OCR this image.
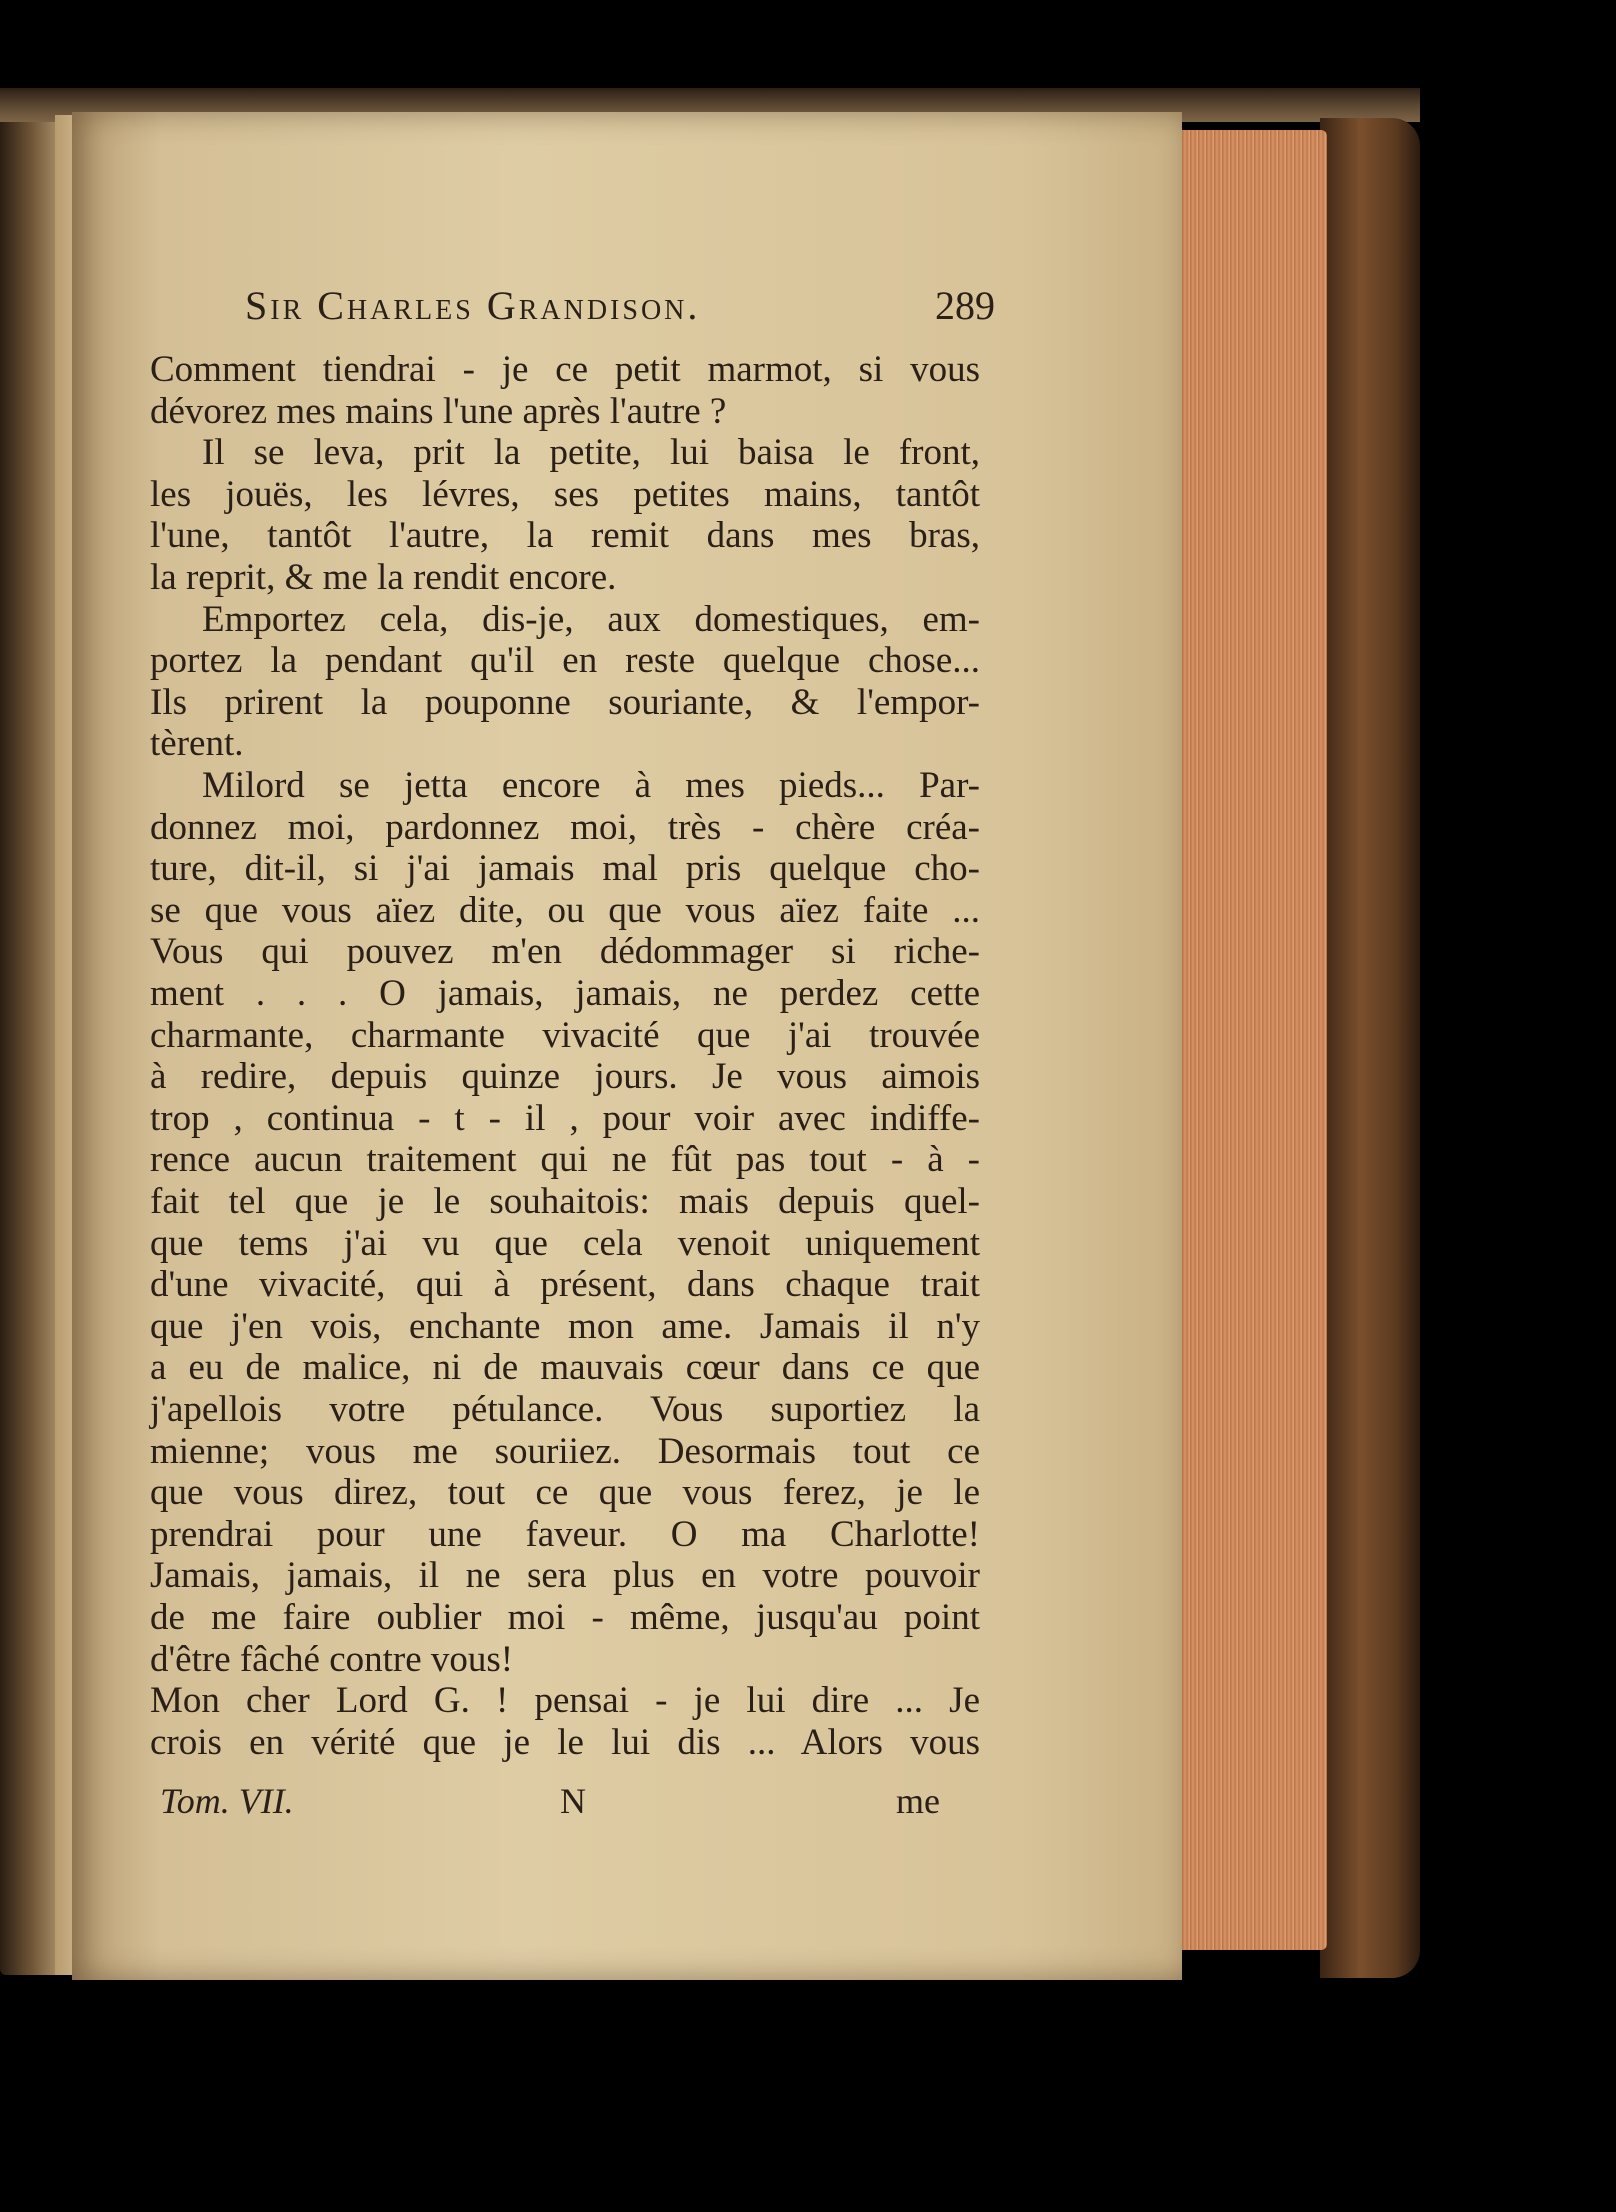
Sir Charles Grandison.	289
Comment tiendrai - je ce petit marmot, si vous
dévorez mes mains l'une après l'autre ?
Il se leva, prit la petite, lui baisa le front,
les jouës, les lévres, ses petites mains, tantôt
l'une, tantôt l'autre, la remit dans mes bras,
la reprit, & me la rendit encore.
Emportez cela, dis-je, aux domestiques, em-
portez la pendant qu'il en reste quelque chose...
Ils prirent la pouponne souriante, & l'empor-
tèrent.
Milord se jetta encore à mes pieds... Par-
donnez moi, pardonnez moi, très - chère créa-
ture, dit-il, si j'ai jamais mal pris quelque cho-
se que vous aïez dite, ou que vous aïez faite ...
Vous qui pouvez m'en dédommager si riche-
ment . . . O jamais, jamais, ne perdez cette
charmante, charmante vivacité que j'ai trouvée
à redire, depuis quinze jours. Je vous aimois
trop , continua - t - il , pour voir avec indiffe-
rence aucun traitement qui ne fût pas tout - à -
fait tel que je le souhaitois: mais depuis quel-
que tems j'ai vu que cela venoit uniquement
d'une vivacité, qui à présent, dans chaque trait
que j'en vois, enchante mon ame. Jamais il n'y
a eu de malice, ni de mauvais cœur dans ce que
j'apellois votre pétulance. Vous suportiez la
mienne; vous me souriiez. Desormais tout ce
que vous direz, tout ce que vous ferez, je le
prendrai pour une faveur. O ma Charlotte!
Jamais, jamais, il ne sera plus en votre pouvoir
de me faire oublier moi - même, jusqu'au point
d'être fâché contre vous!
Mon cher Lord G. ! pensai - je lui dire ... Je
crois en vérité que je le lui dis ... Alors vous
Tom. VII.	N	me
